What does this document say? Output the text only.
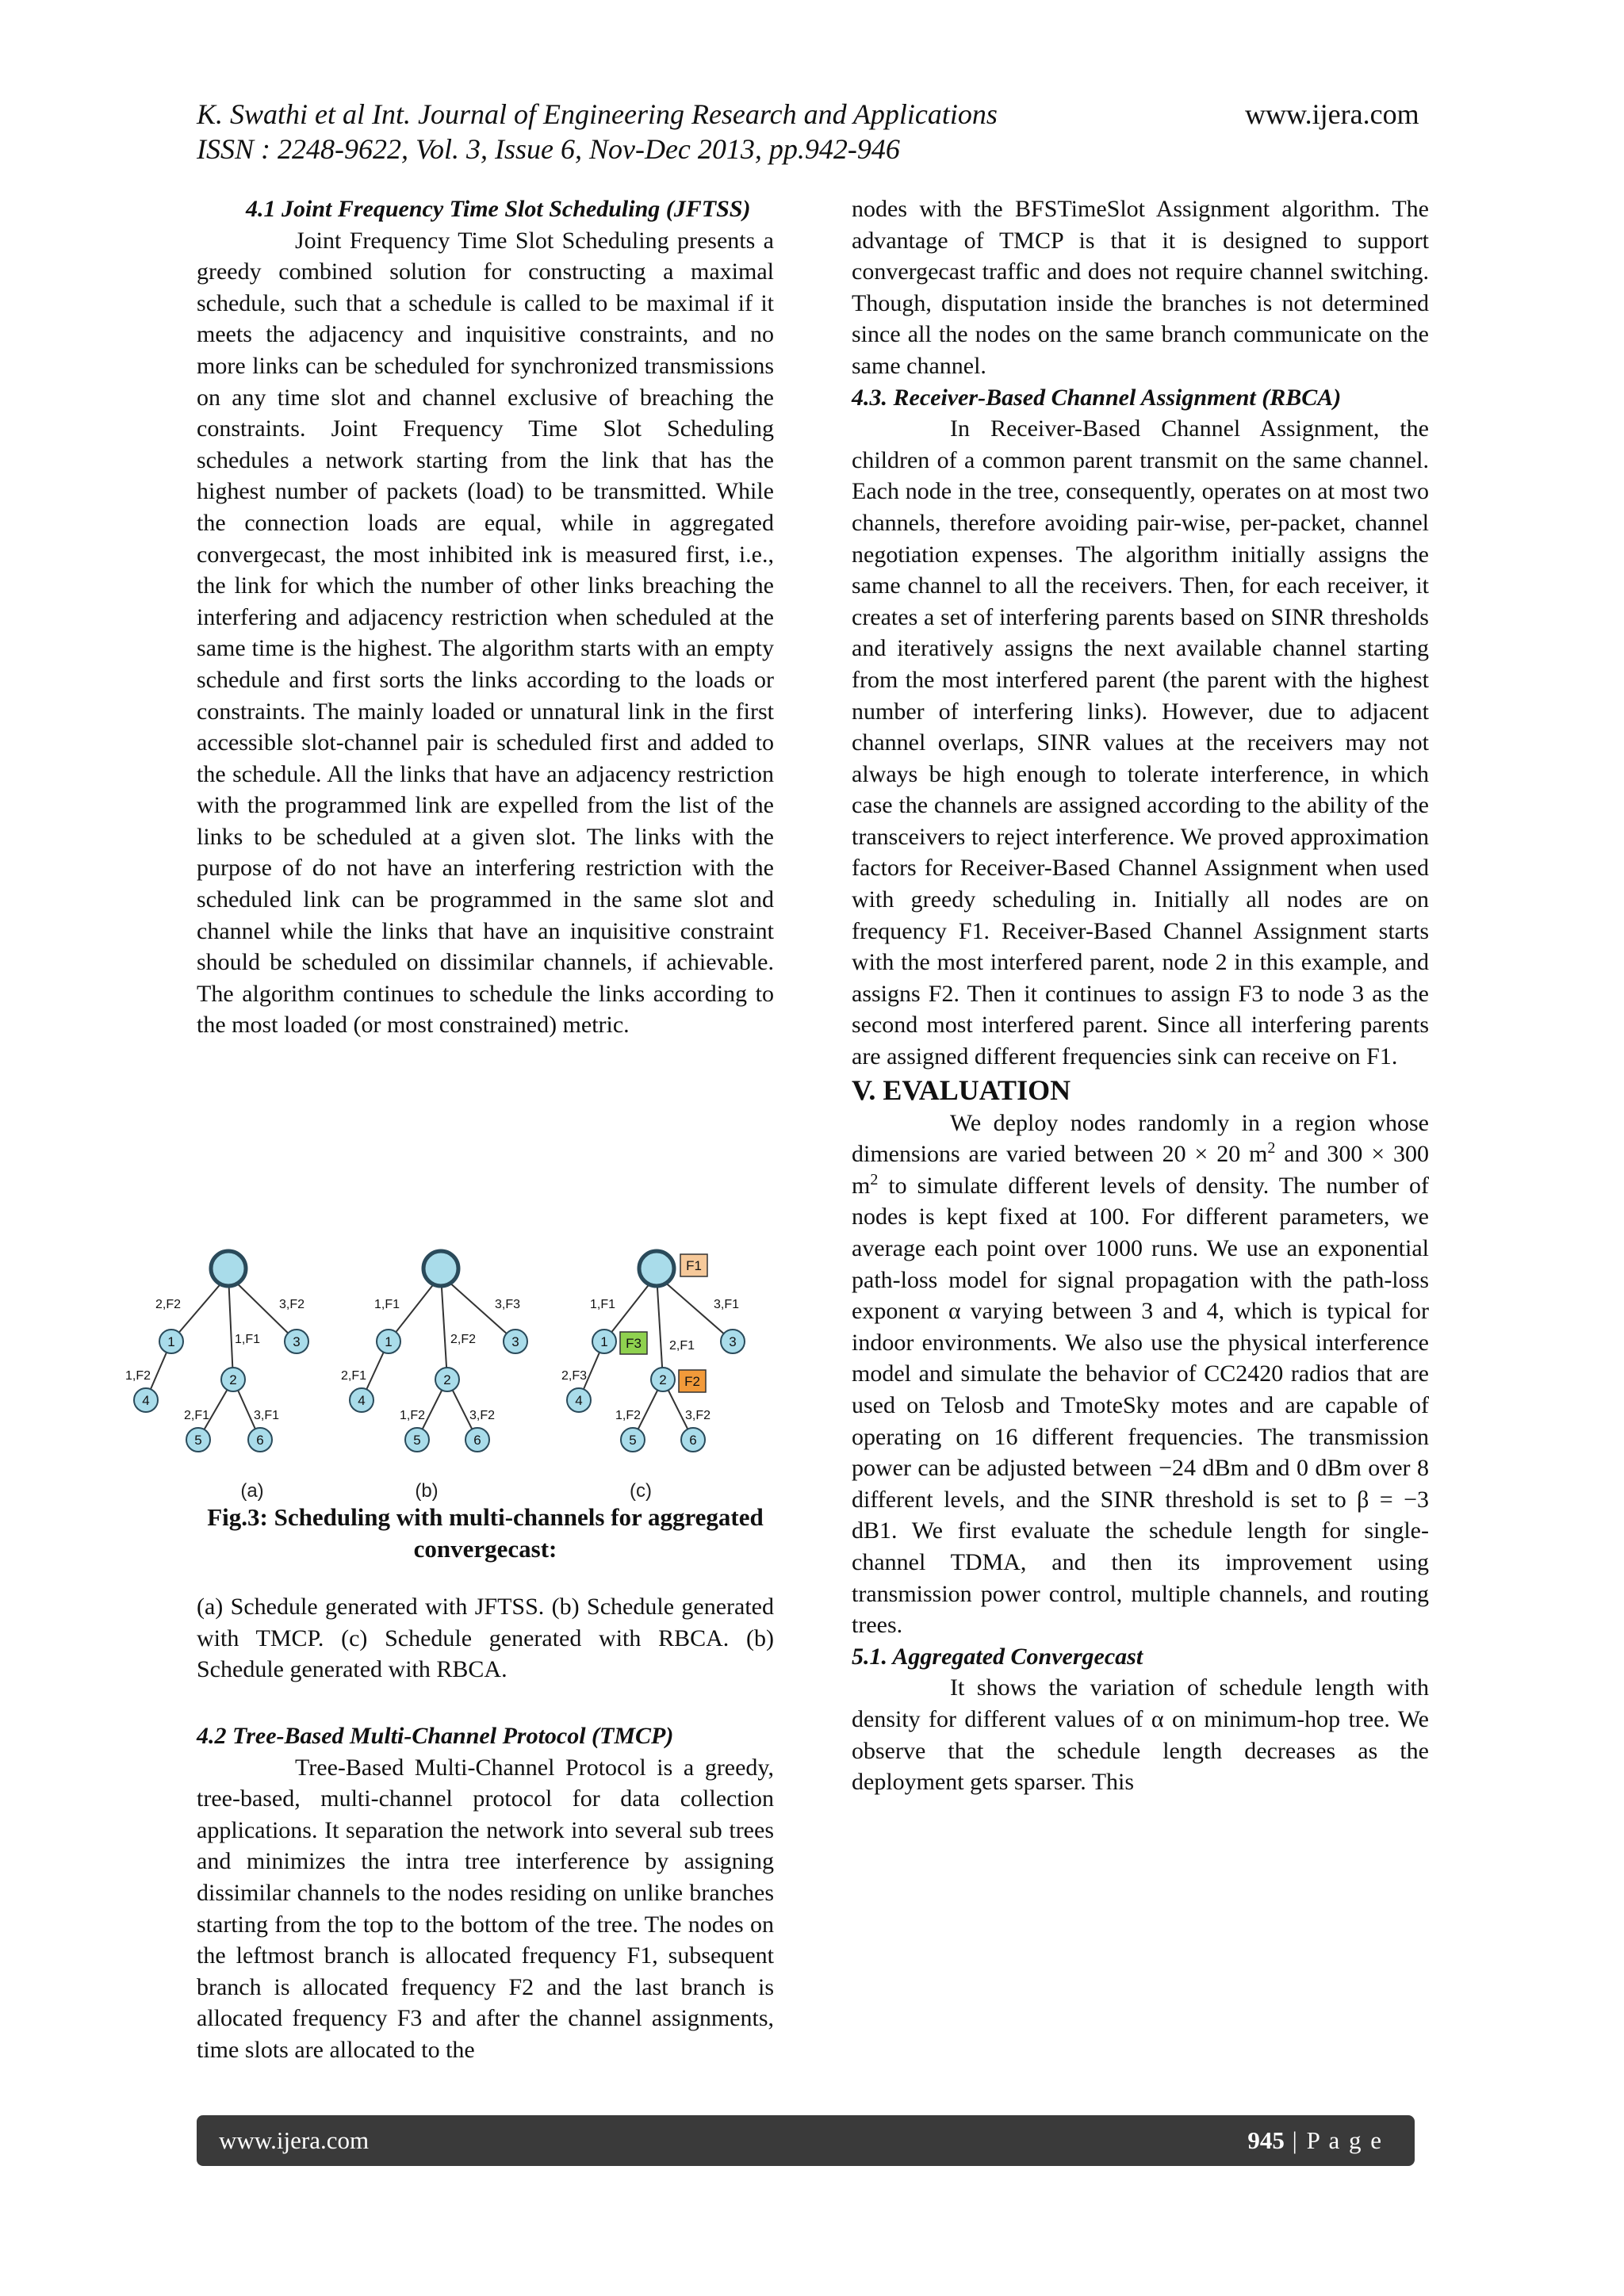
K. Swathi et al Int. Journal of Engineering Research and Applications
ISSN : 2248-9622, Vol. 3, Issue 6, Nov-Dec 2013, pp.942-946
www.ijera.com

4.1 Joint Frequency Time Slot Scheduling (JFTSS)

Joint Frequency Time Slot Scheduling presents a greedy combined solution for constructing a maximal schedule, such that a schedule is called to be maximal if it meets the adjacency and inquisitive constraints, and no more links can be scheduled for synchronized transmissions on any time slot and channel exclusive of breaching the constraints. Joint Frequency Time Slot Scheduling schedules a network starting from the link that has the highest number of packets (load) to be transmitted. While the connection loads are equal, while in aggregated convergecast, the most inhibited ink is measured first, i.e., the link for which the number of other links breaching the interfering and adjacency restriction when scheduled at the same time is the highest. The algorithm starts with an empty schedule and first sorts the links according to the loads or constraints. The mainly loaded or unnatural link in the first accessible slot-channel pair is scheduled first and added to the schedule. All the links that have an adjacency restriction with the programmed link are expelled from the list of the links to be scheduled at a given slot. The links with the purpose of do not have an interfering restriction with the scheduled link can be programmed in the same slot and channel while the links that have an inquisitive constraint should be scheduled on dissimilar channels, if achievable. The algorithm continues to schedule the links according to the most loaded (or most constrained) metric.

1	3
2
4
5	6
1	3
2
4
5	6
1	3
2
4
5	6
2,F2	3,F2
1,F1
1,F2
2,F1	3,F1
1,F1	3,F3
2,F2
2,F1
1,F2	3,F2
1,F1	3,F1
2,F1
2,F3
1,F2	3,F2
F1
F3
F2
(a)	(b)	(c)
Fig.3: Scheduling with multi-channels for aggregated convergecast:

(a) Schedule generated with JFTSS. (b) Schedule generated with TMCP. (c) Schedule generated with RBCA. (b) Schedule generated with RBCA.

4.2 Tree-Based Multi-Channel Protocol (TMCP)

Tree-Based Multi-Channel Protocol is a greedy, tree-based, multi-channel protocol for data collection applications. It separation the network into several sub trees and minimizes the intra tree interference by assigning dissimilar channels to the nodes residing on unlike branches starting from the top to the bottom of the tree. The nodes on the leftmost branch is allocated frequency F1, subsequent branch is allocated frequency F2 and the last branch is allocated frequency F3 and after the channel assignments, time slots are allocated to the

nodes with the BFSTimeSlot Assignment algorithm. The advantage of TMCP is that it is designed to support convergecast traffic and does not require channel switching. Though, disputation inside the branches is not determined since all the nodes on the same branch communicate on the same channel.

4.3. Receiver-Based Channel Assignment (RBCA)

In Receiver-Based Channel Assignment, the children of a common parent transmit on the same channel. Each node in the tree, consequently, operates on at most two channels, therefore avoiding pair-wise, per-packet, channel negotiation expenses. The algorithm initially assigns the same channel to all the receivers. Then, for each receiver, it creates a set of interfering parents based on SINR thresholds and iteratively assigns the next available channel starting from the most interfered parent (the parent with the highest number of interfering links). However, due to adjacent channel overlaps, SINR values at the receivers may not always be high enough to tolerate interference, in which case the channels are assigned according to the ability of the transceivers to reject interference. We proved approximation factors for Receiver-Based Channel Assignment when used with greedy scheduling in. Initially all nodes are on frequency F1. Receiver-Based Channel Assignment starts with the most interfered parent, node 2 in this example, and assigns F2. Then it continues to assign F3 to node 3 as the second most interfered parent. Since all interfering parents are assigned different frequencies sink can receive on F1.

V. EVALUATION

We deploy nodes randomly in a region whose dimensions are varied between 20 × 20 $m^2$ and 300 × 300 $m^2$ to simulate different levels of density. The number of nodes is kept fixed at 100. For different parameters, we average each point over 1000 runs. We use an exponential path-loss model for signal propagation with the path-loss exponent α varying between 3 and 4, which is typical for indoor environments. We also use the physical interference model and simulate the behavior of CC2420 radios that are used on Telosb and TmoteSky motes and are capable of operating on 16 different frequencies. The transmission power can be adjusted between −24 dBm and 0 dBm over 8 different levels, and the SINR threshold is set to β = −3 dB1. We first evaluate the schedule length for single-channel TDMA, and then its improvement using transmission power control, multiple channels, and routing trees.

5.1. Aggregated Convergecast

It shows the variation of schedule length with density for different values of α on minimum-hop tree. We observe that the schedule length decreases as the deployment gets sparser. This

www.ijera.com	945 | P a g e
